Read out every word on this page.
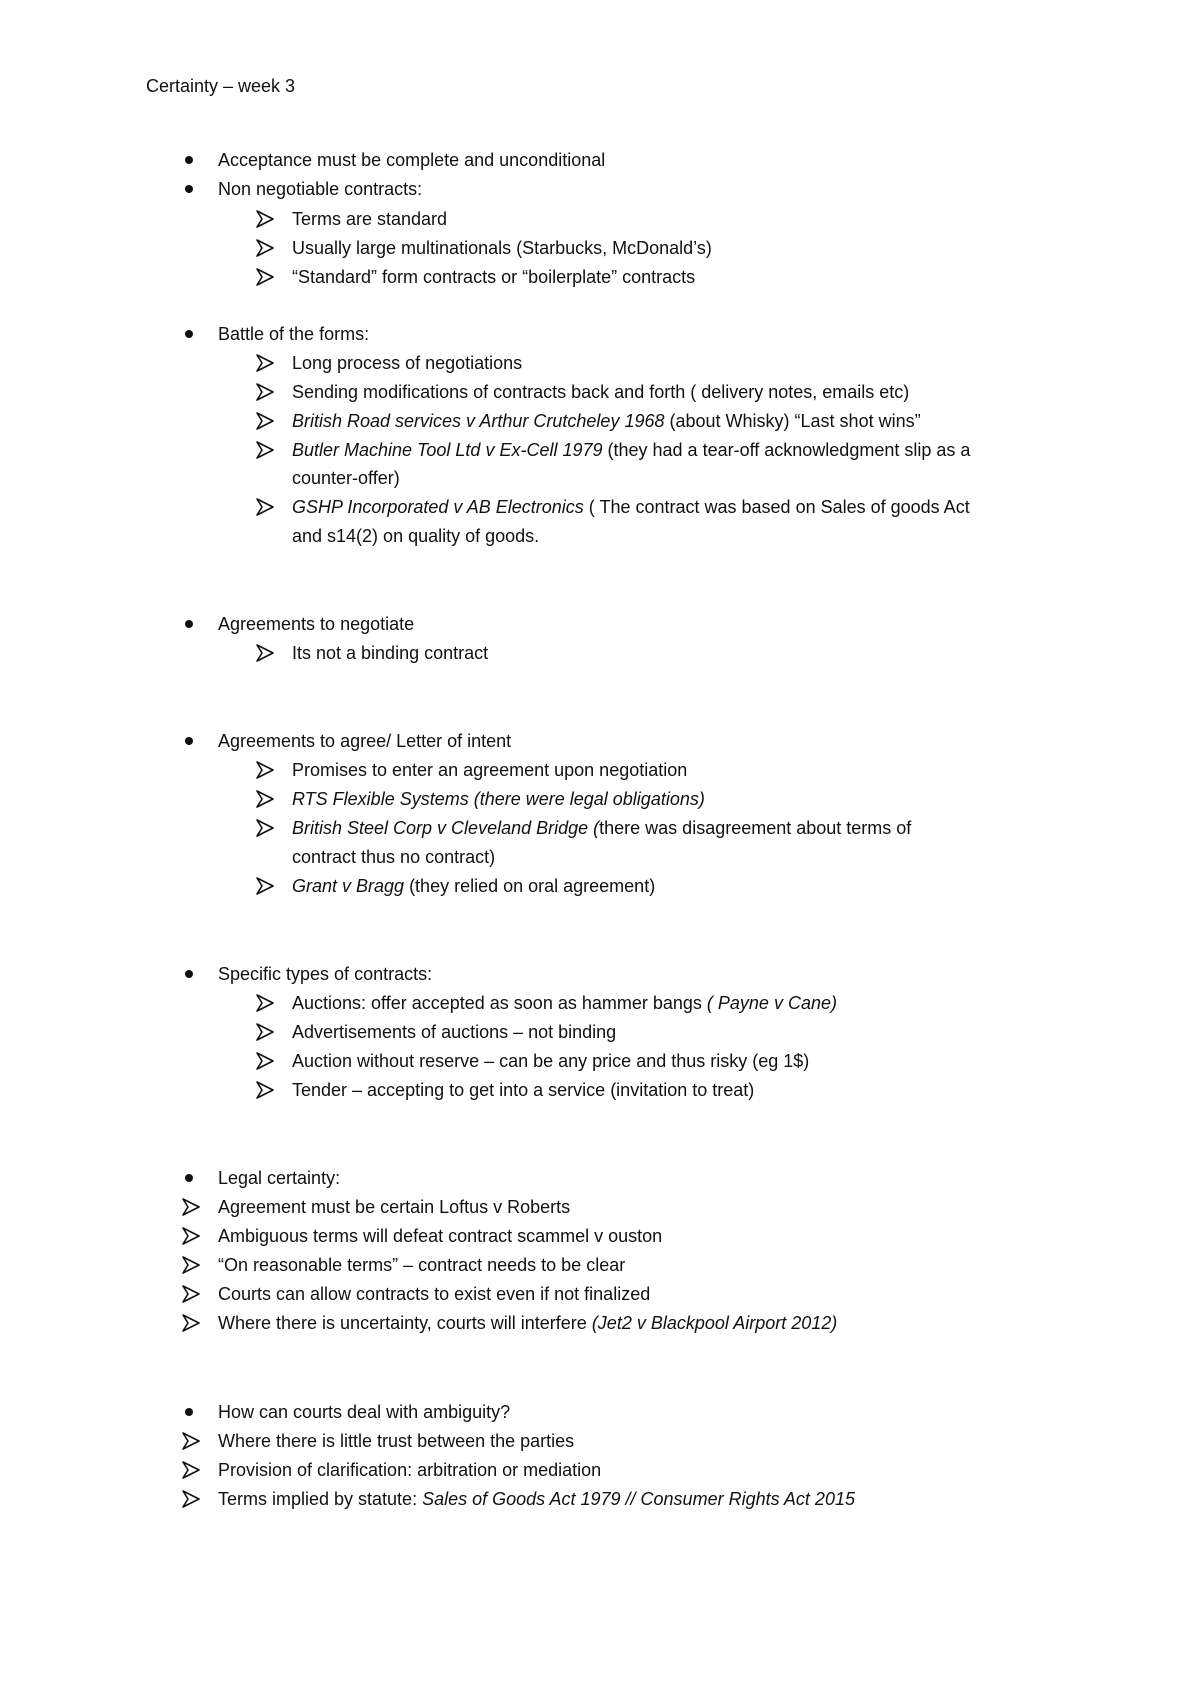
Certainty – week 3
Acceptance must be complete and unconditional
Non negotiable contracts:
Terms are standard
Usually large multinationals (Starbucks, McDonald’s)
“Standard” form contracts or “boilerplate” contracts
Battle of the forms:
Long process of negotiations
Sending modifications of contracts back and forth ( delivery notes, emails etc)
British Road services v Arthur Crutcheley 1968 (about Whisky) “Last shot wins”
Butler Machine Tool Ltd v Ex-Cell 1979 (they had a tear-off acknowledgment slip as a
counter-offer)
GSHP Incorporated v AB Electronics ( The contract was based on Sales of goods Act
and s14(2) on quality of goods.
Agreements to negotiate
Its not a binding contract
Agreements to agree/ Letter of intent
Promises to enter an agreement upon negotiation
RTS Flexible Systems (there were legal obligations)
British Steel Corp v Cleveland Bridge (there was disagreement about terms of
contract thus no contract)
Grant v Bragg (they relied on oral agreement)
Specific types of contracts:
Auctions: offer accepted as soon as hammer bangs ( Payne v Cane)
Advertisements of auctions – not binding
Auction without reserve – can be any price and thus risky (eg 1$)
Tender – accepting to get into a service (invitation to treat)
Legal certainty:
Agreement must be certain Loftus v Roberts
Ambiguous terms will defeat contract scammel v ouston
“On reasonable terms” – contract needs to be clear
Courts can allow contracts to exist even if not finalized
Where there is uncertainty, courts will interfere (Jet2 v Blackpool Airport 2012)
How can courts deal with ambiguity?
Where there is little trust between the parties
Provision of clarification: arbitration or mediation
Terms implied by statute: Sales of Goods Act 1979 // Consumer Rights Act 2015
